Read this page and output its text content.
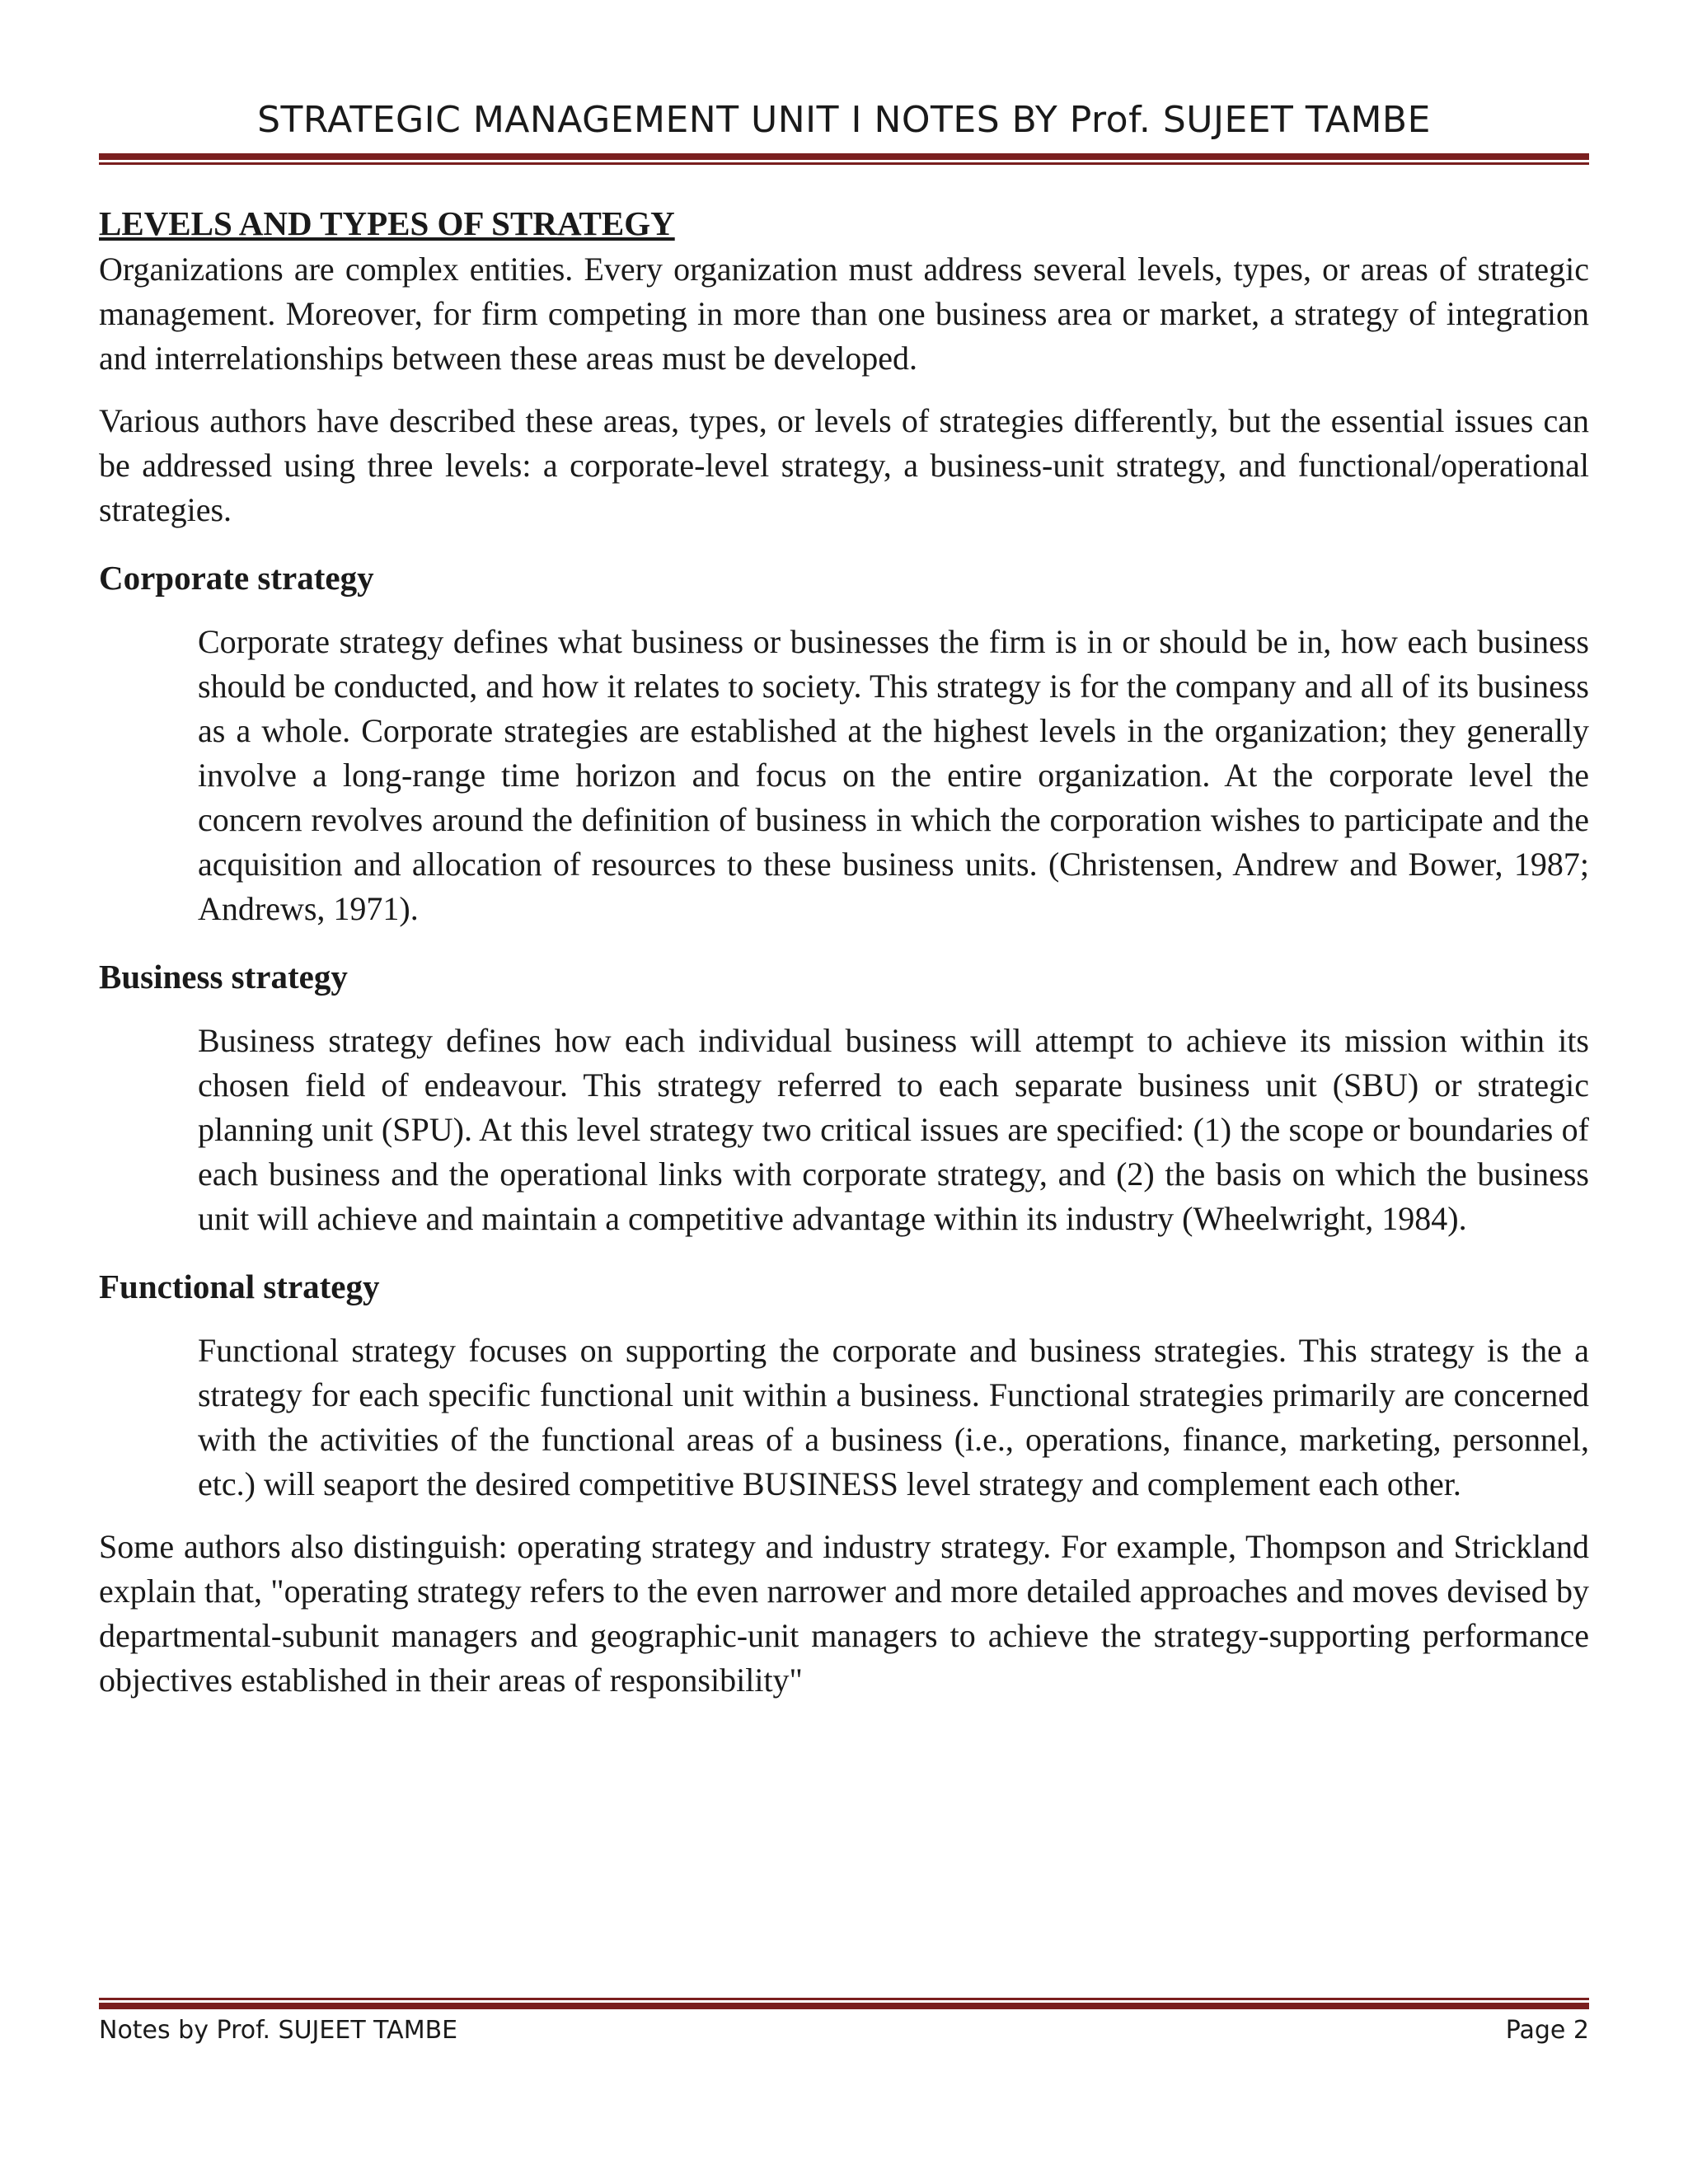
STRATEGIC MANAGEMENT UNIT I NOTES BY Prof. SUJEET TAMBE

LEVELS AND TYPES OF STRATEGY

Organizations are complex entities. Every organization must address several levels, types, or areas of strategic management. Moreover, for firm competing in more than one business area or market, a strategy of integration and interrelationships between these areas must be developed.

Various authors have described these areas, types, or levels of strategies differently, but the essential issues can be addressed using three levels: a corporate-level strategy, a business-unit strategy, and functional/operational strategies.

Corporate strategy

Corporate strategy defines what business or businesses the firm is in or should be in, how each business should be conducted, and how it relates to society. This strategy is for the company and all of its business as a whole. Corporate strategies are established at the highest levels in the organization; they generally involve a long-range time horizon and focus on the entire organization. At the corporate level the concern revolves around the definition of business in which the corporation wishes to participate and the acquisition and allocation of resources to these business units. (Christensen, Andrew and Bower, 1987; Andrews, 1971).

Business strategy

Business strategy defines how each individual business will attempt to achieve its mission within its chosen field of endeavour. This strategy referred to each separate business unit (SBU) or strategic planning unit (SPU). At this level strategy two critical issues are specified: (1) the scope or boundaries of each business and the operational links with corporate strategy, and (2) the basis on which the business unit will achieve and maintain a competitive advantage within its industry (Wheelwright, 1984).

Functional strategy

Functional strategy focuses on supporting the corporate and business strategies. This strategy is the a strategy for each specific functional unit within a business. Functional strategies primarily are concerned with the activities of the functional areas of a business (i.e., operations, finance, marketing, personnel, etc.) will seaport the desired competitive BUSINESS level strategy and complement each other.

Some authors also distinguish: operating strategy and industry strategy. For example, Thompson and Strickland explain that, "operating strategy refers to the even narrower and more detailed approaches and moves devised by departmental-subunit managers and geographic-unit managers to achieve the strategy-supporting performance objectives established in their areas of responsibility"

Notes by Prof. SUJEET TAMBE	Page 2
